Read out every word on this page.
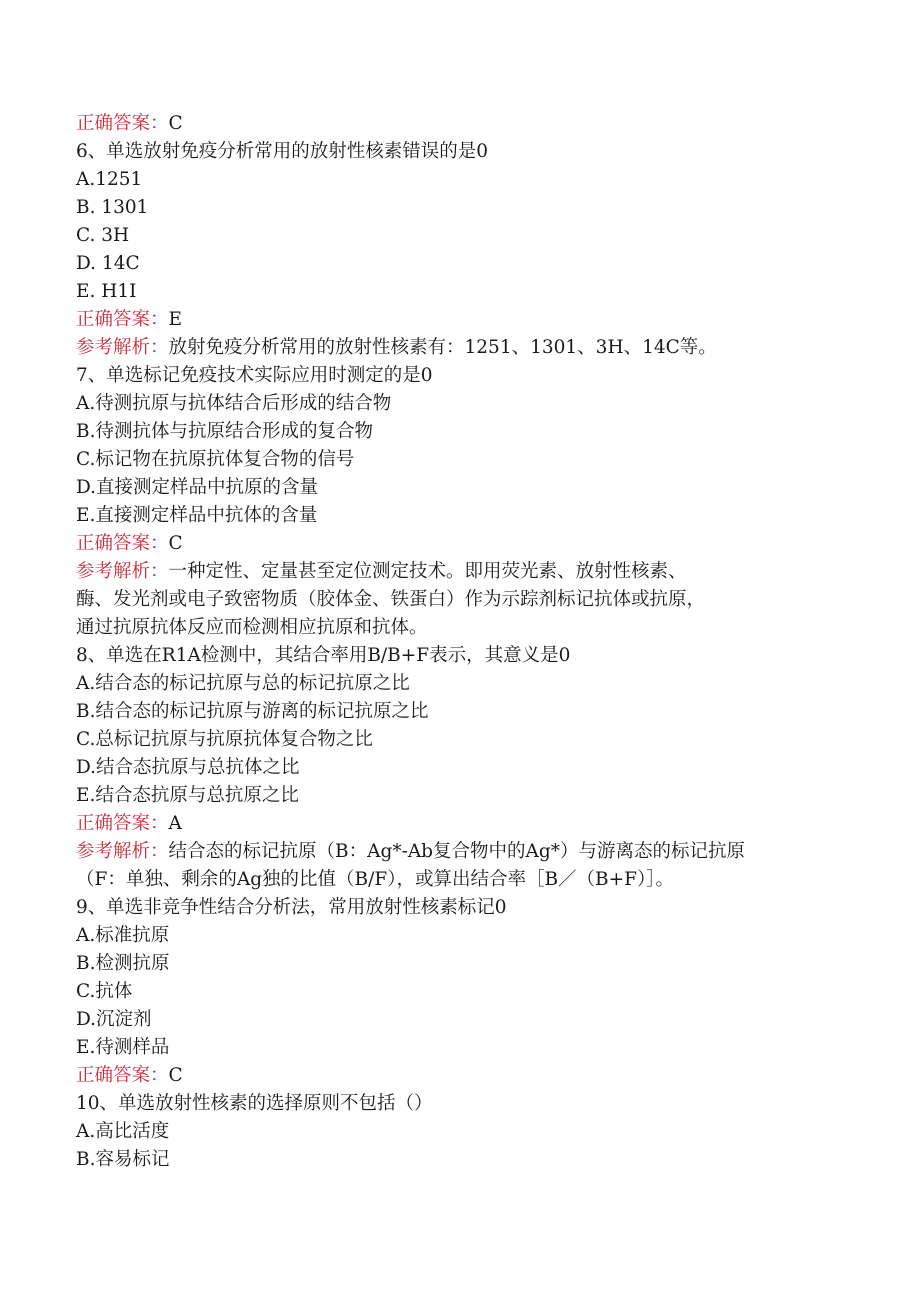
正确答案：C
6、单选放射免疫分析常用的放射性核素错误的是0
A.1251
B. 1301
C. 3H
D. 14C
E. H1I
正确答案：E
参考解析：放射免疫分析常用的放射性核素有：1251、1301、3H、14C等。
7、单选标记免疫技术实际应用时测定的是0
A.待测抗原与抗体结合后形成的结合物
B.待测抗体与抗原结合形成的复合物
C.标记物在抗原抗体复合物的信号
D.直接测定样品中抗原的含量
E.直接测定样品中抗体的含量
正确答案：C
参考解析：一种定性、定量甚至定位测定技术。即用荧光素、放射性核素、
酶、发光剂或电子致密物质（胶体金、铁蛋白）作为示踪剂标记抗体或抗原，
通过抗原抗体反应而检测相应抗原和抗体。
8、单选在R1A检测中，其结合率用B/B+F表示，其意义是0
A.结合态的标记抗原与总的标记抗原之比
B.结合态的标记抗原与游离的标记抗原之比
C.总标记抗原与抗原抗体复合物之比
D.结合态抗原与总抗体之比
E.结合态抗原与总抗原之比
正确答案：A
参考解析：结合态的标记抗原（B：Ag*-Ab复合物中的Ag*）与游离态的标记抗原
（F：单独、剩余的Ag独的比值（B/F），或算出结合率［B／（B+F）］。
9、单选非竞争性结合分析法，常用放射性核素标记0
A.标准抗原
B.检测抗原
C.抗体
D.沉淀剂
E.待测样品
正确答案：C
10、单选放射性核素的选择原则不包括（）
A.高比活度
B.容易标记
